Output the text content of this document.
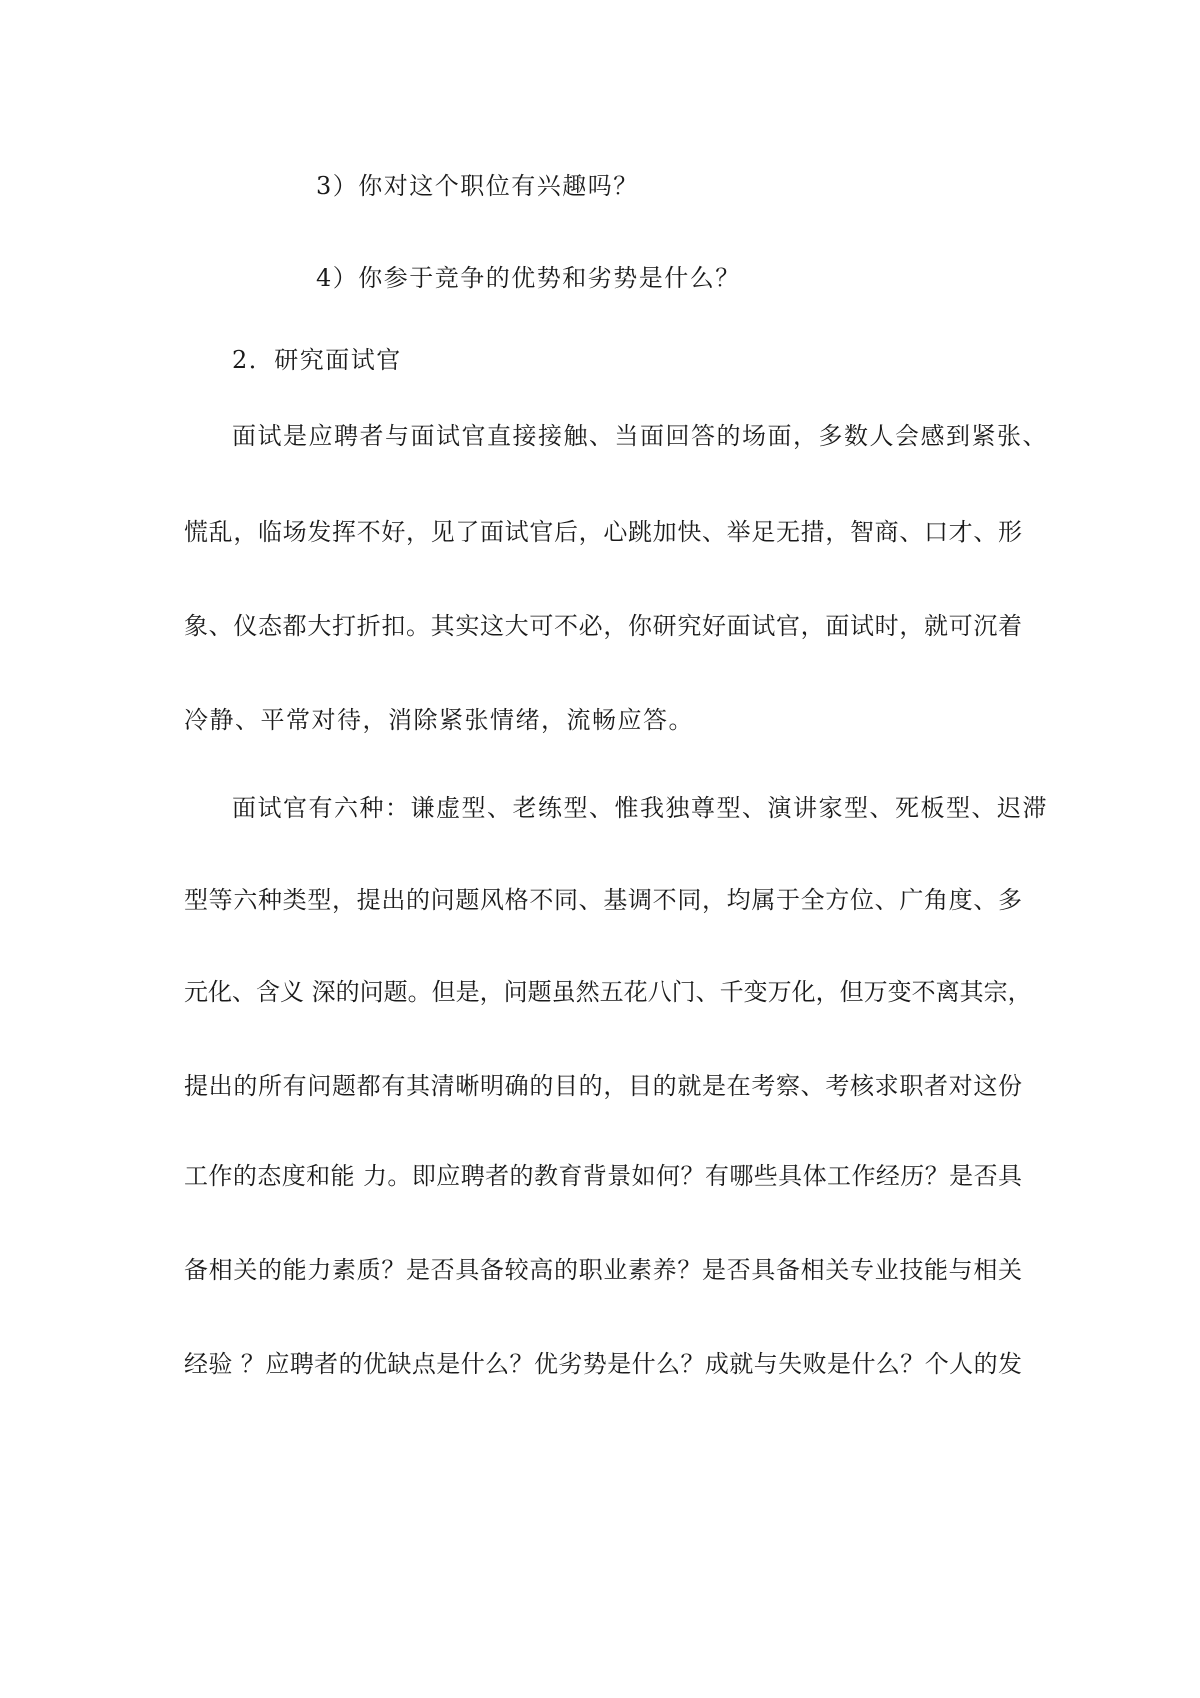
3）你对这个职位有兴趣吗？

4）你参于竞争的优势和劣势是什么？

2．研究面试官

面试是应聘者与面试官直接接触、当面回答的场面，多数人会感到紧张、

慌乱，临场发挥不好，见了面试官后，心跳加快、举足无措，智商、口才、形

象、仪态都大打折扣。其实这大可不必，你研究好面试官，面试时，就可沉着

冷静、平常对待，消除紧张情绪，流畅应答。

面试官有六种：谦虚型、老练型、惟我独尊型、演讲家型、死板型、迟滞

型等六种类型，提出的问题风格不同、基调不同，均属于全方位、广角度、多

元化、含义 深的问题。但是，问题虽然五花八门、千变万化，但万变不离其宗，

提出的所有问题都有其清晰明确的目的，目的就是在考察、考核求职者对这份

工作的态度和能 力。即应聘者的教育背景如何？有哪些具体工作经历？是否具

备相关的能力素质？是否具备较高的职业素养？是否具备相关专业技能与相关

经验 ？应聘者的优缺点是什么？优劣势是什么？成就与失败是什么？个人的发
